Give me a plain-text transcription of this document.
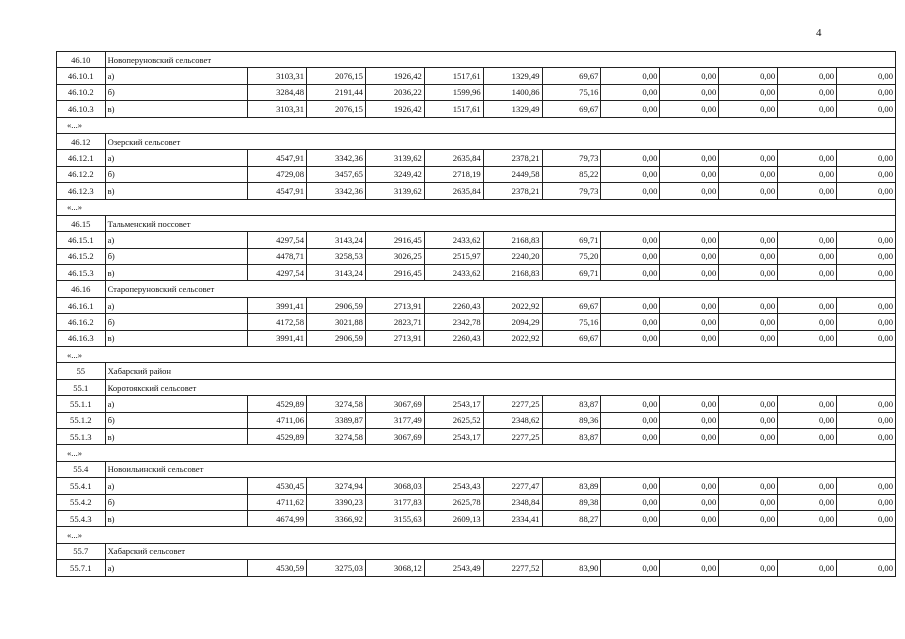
4
46.10	Новоперуновский сельсовет											
46.10.1	а)	3103,31	2076,15	1926,42	1517,61	1329,49	69,67	0,00	0,00	0,00	0,00	0,00
46.10.2	б)	3284,48	2191,44	2036,22	1599,96	1400,86	75,16	0,00	0,00	0,00	0,00	0,00
46.10.3	в)	3103,31	2076,15	1926,42	1517,61	1329,49	69,67	0,00	0,00	0,00	0,00	0,00
«...»												
46.12	Озерский сельсовет											
46.12.1	а)	4547,91	3342,36	3139,62	2635,84	2378,21	79,73	0,00	0,00	0,00	0,00	0,00
46.12.2	б)	4729,08	3457,65	3249,42	2718,19	2449,58	85,22	0,00	0,00	0,00	0,00	0,00
46.12.3	в)	4547,91	3342,36	3139,62	2635,84	2378,21	79,73	0,00	0,00	0,00	0,00	0,00
«...»												
46.15	Тальменский поссовет											
46.15.1	а)	4297,54	3143,24	2916,45	2433,62	2168,83	69,71	0,00	0,00	0,00	0,00	0,00
46.15.2	б)	4478,71	3258,53	3026,25	2515,97	2240,20	75,20	0,00	0,00	0,00	0,00	0,00
46.15.3	в)	4297,54	3143,24	2916,45	2433,62	2168,83	69,71	0,00	0,00	0,00	0,00	0,00
46.16	Староперуновский сельсовет											
46.16.1	а)	3991,41	2906,59	2713,91	2260,43	2022,92	69,67	0,00	0,00	0,00	0,00	0,00
46.16.2	б)	4172,58	3021,88	2823,71	2342,78	2094,29	75,16	0,00	0,00	0,00	0,00	0,00
46.16.3	в)	3991,41	2906,59	2713,91	2260,43	2022,92	69,67	0,00	0,00	0,00	0,00	0,00
«...»												
55	Хабарский район											
55.1	Коротоякский сельсовет											
55.1.1	а)	4529,89	3274,58	3067,69	2543,17	2277,25	83,87	0,00	0,00	0,00	0,00	0,00
55.1.2	б)	4711,06	3389,87	3177,49	2625,52	2348,62	89,36	0,00	0,00	0,00	0,00	0,00
55.1.3	в)	4529,89	3274,58	3067,69	2543,17	2277,25	83,87	0,00	0,00	0,00	0,00	0,00
«...»												
55.4	Новоильинский сельсовет											
55.4.1	а)	4530,45	3274,94	3068,03	2543,43	2277,47	83,89	0,00	0,00	0,00	0,00	0,00
55.4.2	б)	4711,62	3390,23	3177,83	2625,78	2348,84	89,38	0,00	0,00	0,00	0,00	0,00
55.4.3	в)	4674,99	3366,92	3155,63	2609,13	2334,41	88,27	0,00	0,00	0,00	0,00	0,00
«...»												
55.7	Хабарский сельсовет											
55.7.1	а)	4530,59	3275,03	3068,12	2543,49	2277,52	83,90	0,00	0,00	0,00	0,00	0,00
